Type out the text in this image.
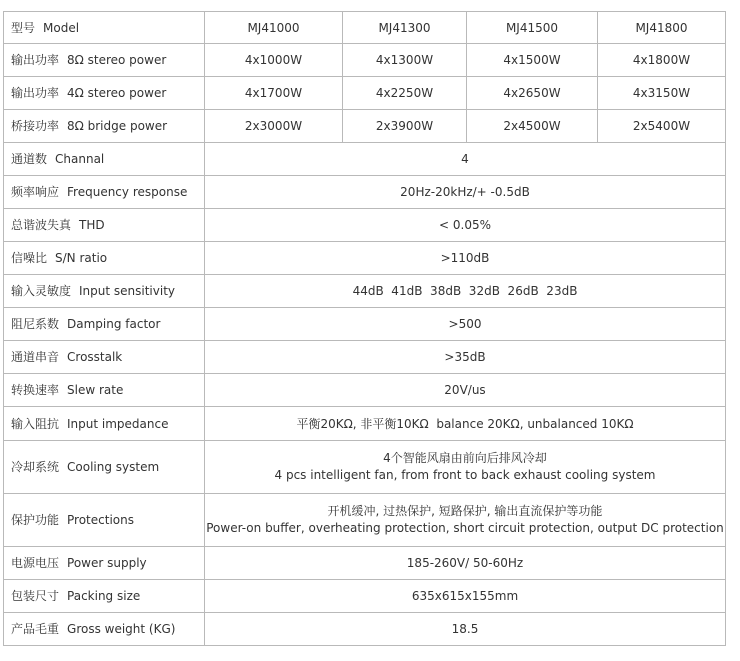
型号 Model	MJ41000	MJ41300	MJ41500	MJ41800
输出功率 8Ω stereo power	4x1000W	4x1300W	4x1500W	4x1800W
输出功率 4Ω stereo power	4x1700W	4x2250W	4x2650W	4x3150W
桥接功率 8Ω bridge power	2x3000W	2x3900W	2x4500W	2x5400W
通道数 Channal	4			
频率响应 Frequency response	20Hz-20kHz/+ -0.5dB			
总谐波失真 THD	< 0.05%			
信噪比 S/N ratio	>110dB			
输入灵敏度 Input sensitivity	44dB  41dB  38dB  32dB  26dB  23dB			
阻尼系数 Damping factor	>500			
通道串音 Crosstalk	>35dB			
转换速率 Slew rate	20V/us			
输入阻抗 Input impedance	平衡20KΩ, 非平衡10KΩ  balance 20KΩ, unbalanced 10KΩ			
冷却系统 Cooling system	4个智能风扇由前向后排风冷却
4 pcs intelligent fan, from front to back exhaust cooling system			

保护功能 Protections	开机缓冲, 过热保护, 短路保护, 输出直流保护等功能
Power-on buffer, overheating protection, short circuit protection, output DC protection			

电源电压 Power supply	185-260V/ 50-60Hz			
包装尺寸 Packing size	635x615x155mm			
产品毛重 Gross weight (KG)	18.5			
